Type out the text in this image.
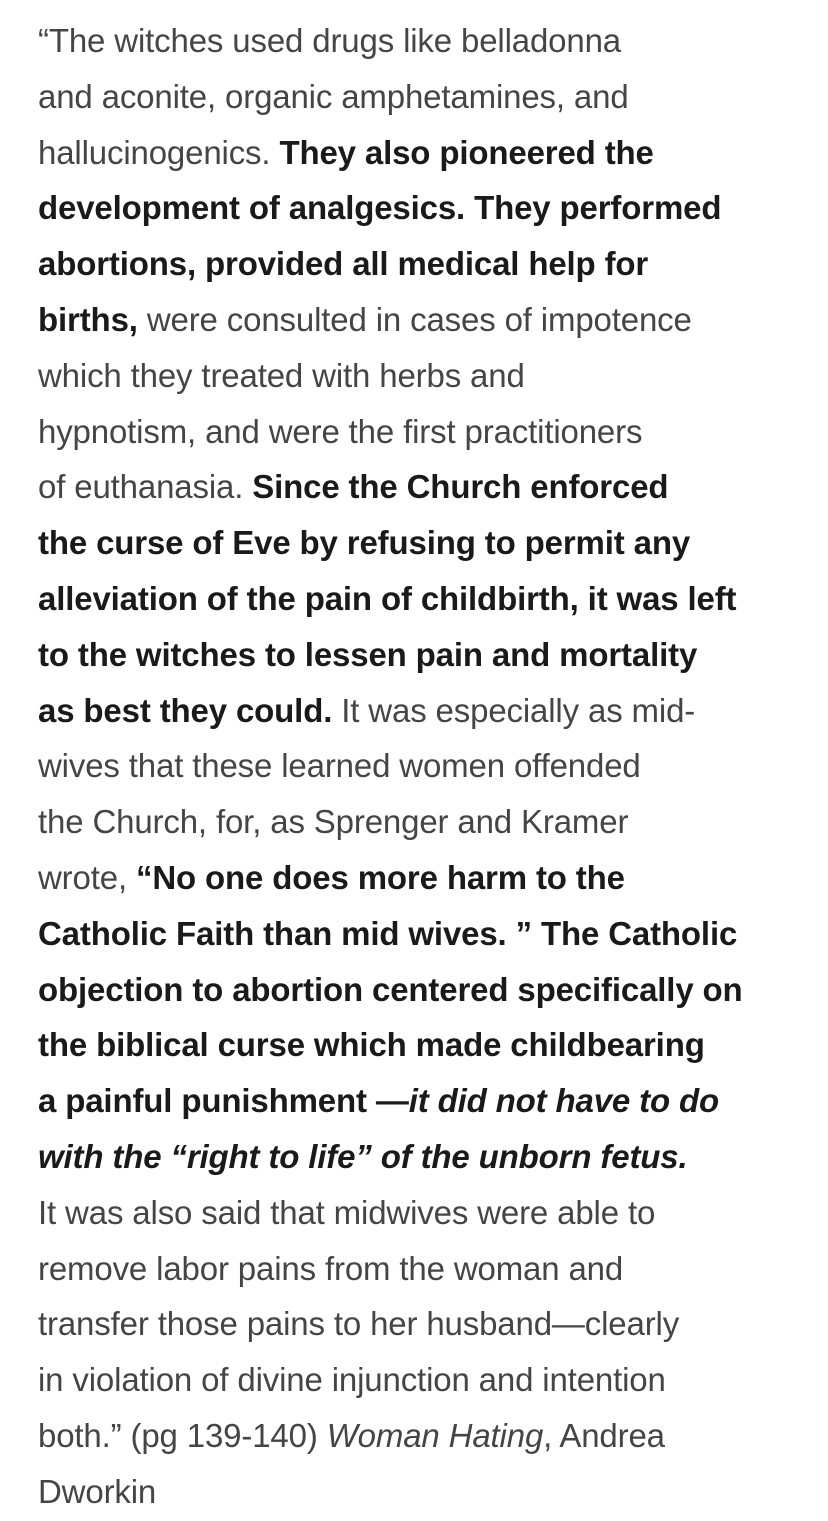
“The witches used drugs like belladonna
and aconite, organic amphetamines, and
hallucinogenics. They also pioneered the
development of analgesics. They performed
abortions, provided all medical help for
births, were consulted in cases of impotence
which they treated with herbs and
hypnotism, and were the first practitioners
of euthanasia. Since the Church enforced
the curse of Eve by refusing to permit any
alleviation of the pain of childbirth, it was left
to the witches to lessen pain and mortality
as best they could. It was especially as mid-
wives that these learned women offended
the Church, for, as Sprenger and Kramer
wrote, “No one does more harm to the
Catholic Faith than mid wives. ” The Catholic
objection to abortion centered specifically on
the biblical curse which made childbearing
a painful punishment —it did not have to do
with the “right to life” of the unborn fetus.
It was also said that midwives were able to
remove labor pains from the woman and
transfer those pains to her husband—clearly
in violation of divine injunction and intention
both.” (pg 139-140) Woman Hating, Andrea
Dworkin
